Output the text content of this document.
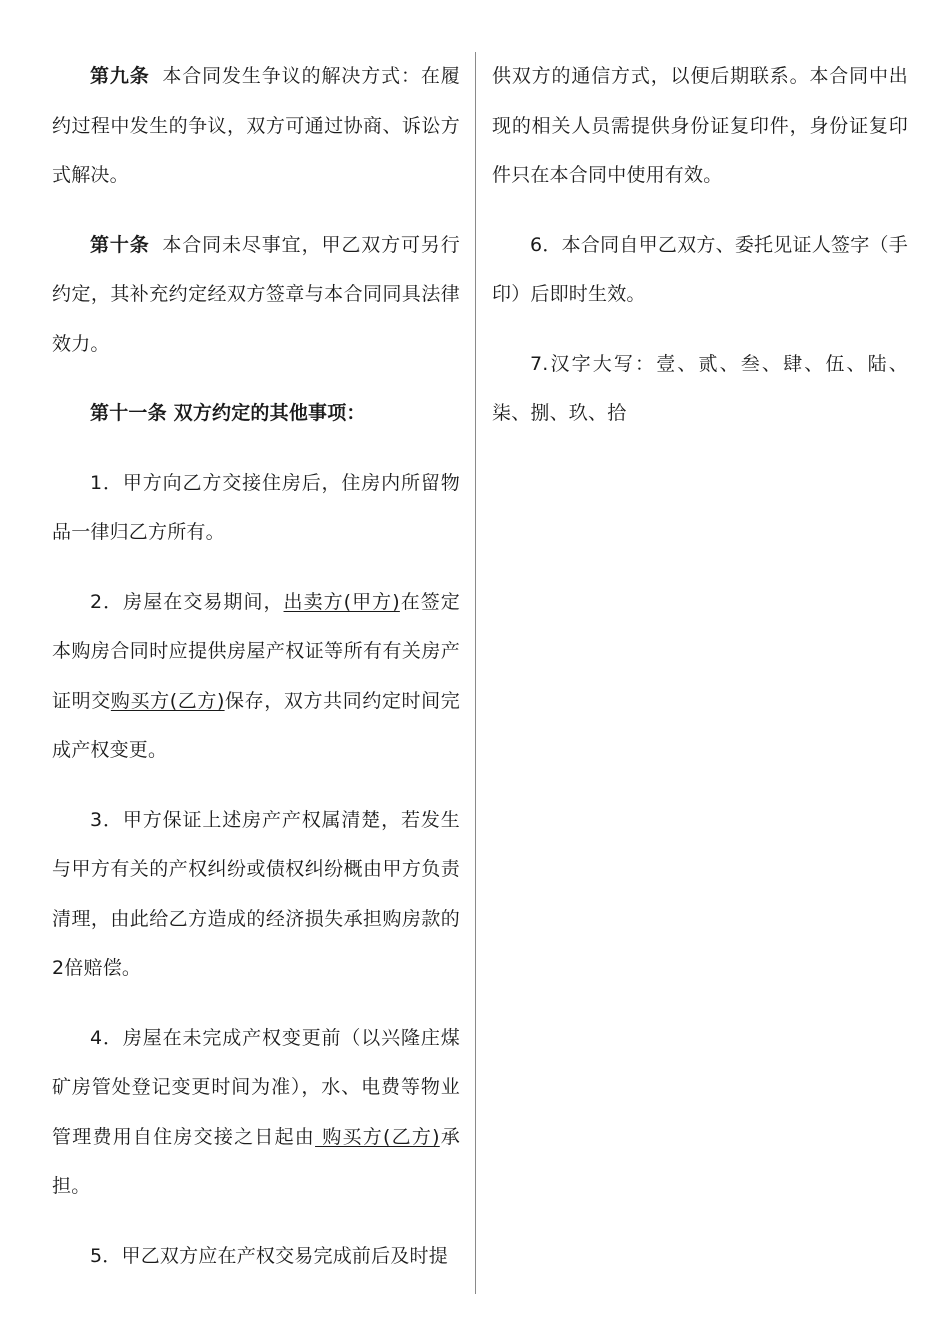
第九条 本合同发生争议的解决方式：在履约过程中发生的争议，双方可通过协商、诉讼方式解决。

第十条 本合同未尽事宜，甲乙双方可另行约定，其补充约定经双方签章与本合同同具法律效力。

第十一条 双方约定的其他事项：

1．甲方向乙方交接住房后，住房内所留物品一律归乙方所有。

2．房屋在交易期间，出卖方(甲方)在签定本购房合同时应提供房屋产权证等所有有关房产证明交购买方(乙方)保存，双方共同约定时间完成产权变更。

3．甲方保证上述房产产权属清楚，若发生与甲方有关的产权纠纷或债权纠纷概由甲方负责清理，由此给乙方造成的经济损失承担购房款的2倍赔偿。

4．房屋在未完成产权变更前（以兴隆庄煤矿房管处登记变更时间为准），水、电费等物业管理费用自住房交接之日起由 购买方(乙方)承担。

5．甲乙双方应在产权交易完成前后及时提

供双方的通信方式，以便后期联系。本合同中出现的相关人员需提供身份证复印件，身份证复印件只在本合同中使用有效。

6．本合同自甲乙双方、委托见证人签字（手印）后即时生效。

7.汉字大写：壹、贰、叁、肆、伍、陆、柒、捌、玖、拾
